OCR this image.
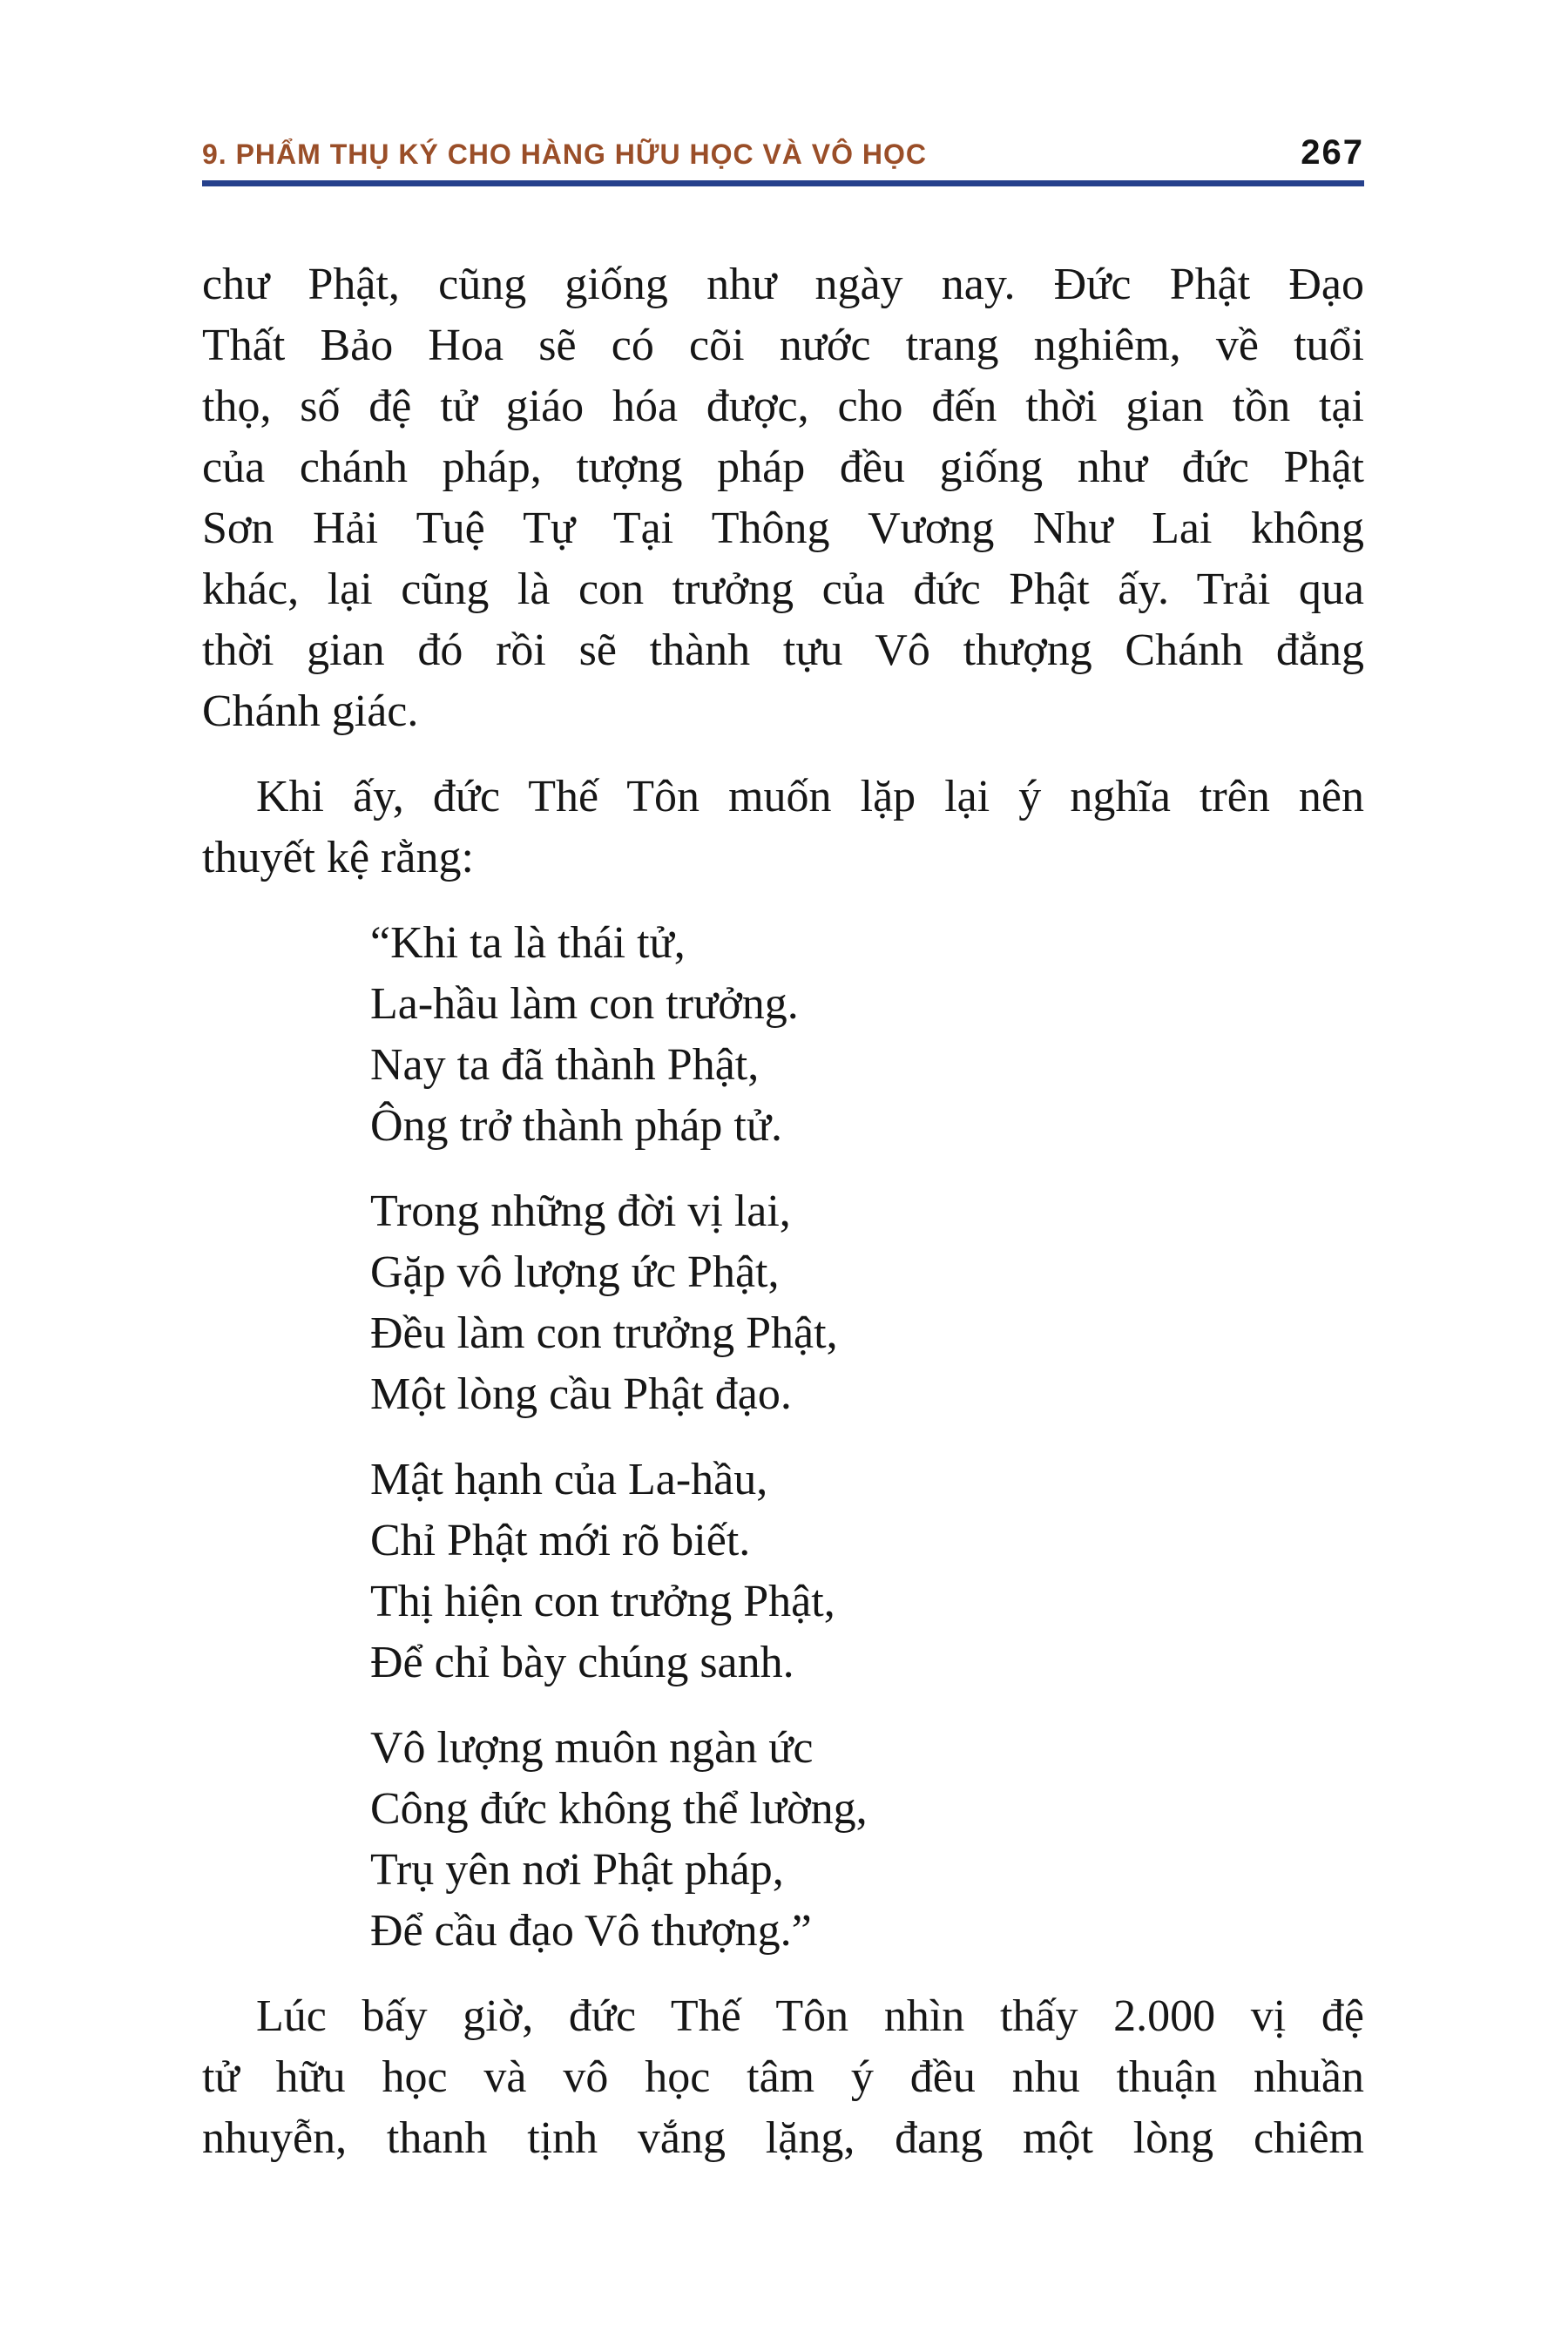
9. PHẨM THỤ KÝ CHO HÀNG HỮU HỌC VÀ VÔ HỌC	267
chư Phật, cũng giống như ngày nay. Đức Phật Đạo
Thất Bảo Hoa sẽ có cõi nước trang nghiêm, về tuổi
thọ, số đệ tử giáo hóa được, cho đến thời gian tồn tại
của chánh pháp, tượng pháp đều giống như đức Phật
Sơn Hải Tuệ Tự Tại Thông Vương Như Lai không
khác, lại cũng là con trưởng của đức Phật ấy. Trải qua
thời gian đó rồi sẽ thành tựu Vô thượng Chánh đẳng
Chánh giác.
Khi ấy, đức Thế Tôn muốn lặp lại ý nghĩa trên nên
thuyết kệ rằng:
“Khi ta là thái tử,
La-hầu làm con trưởng.
Nay ta đã thành Phật,
Ông trở thành pháp tử.
Trong những đời vị lai,
Gặp vô lượng ức Phật,
Đều làm con trưởng Phật,
Một lòng cầu Phật đạo.
Mật hạnh của La-hầu,
Chỉ Phật mới rõ biết.
Thị hiện con trưởng Phật,
Để chỉ bày chúng sanh.
Vô lượng muôn ngàn ức
Công đức không thể lường,
Trụ yên nơi Phật pháp,
Để cầu đạo Vô thượng.”
Lúc bấy giờ, đức Thế Tôn nhìn thấy 2.000 vị đệ
tử hữu học và vô học tâm ý đều nhu thuận nhuần
nhuyễn, thanh tịnh vắng lặng, đang một lòng chiêm
